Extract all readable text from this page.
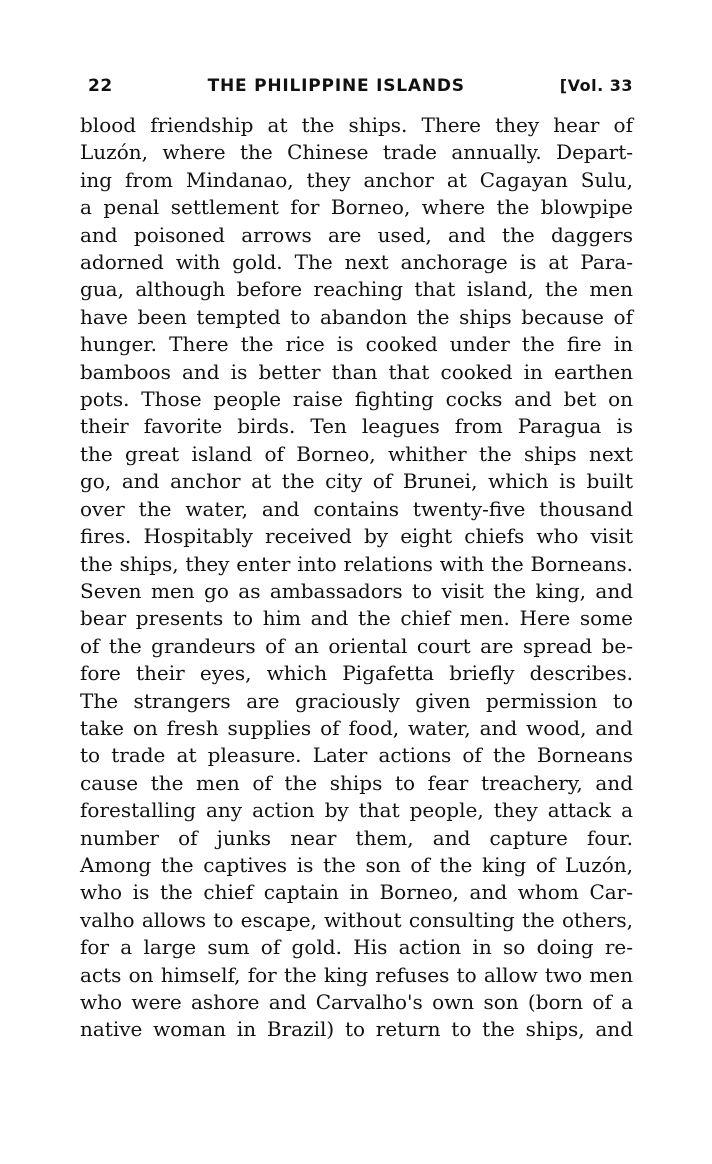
22	THE PHILIPPINE ISLANDS	[Vol. 33
blood friendship at the ships. There they hear of
Luzón, where the Chinese trade annually. Depart-
ing from Mindanao, they anchor at Cagayan Sulu,
a penal settlement for Borneo, where the blowpipe
and poisoned arrows are used, and the daggers
adorned with gold. The next anchorage is at Para-
gua, although before reaching that island, the men
have been tempted to abandon the ships because of
hunger. There the rice is cooked under the fire in
bamboos and is better than that cooked in earthen
pots. Those people raise fighting cocks and bet on
their favorite birds. Ten leagues from Paragua is
the great island of Borneo, whither the ships next
go, and anchor at the city of Brunei, which is built
over the water, and contains twenty-five thousand
fires. Hospitably received by eight chiefs who visit
the ships, they enter into relations with the Borneans.
Seven men go as ambassadors to visit the king, and
bear presents to him and the chief men. Here some
of the grandeurs of an oriental court are spread be-
fore their eyes, which Pigafetta briefly describes.
The strangers are graciously given permission to
take on fresh supplies of food, water, and wood, and
to trade at pleasure. Later actions of the Borneans
cause the men of the ships to fear treachery, and
forestalling any action by that people, they attack a
number of junks near them, and capture four.
Among the captives is the son of the king of Luzón,
who is the chief captain in Borneo, and whom Car-
valho allows to escape, without consulting the others,
for a large sum of gold. His action in so doing re-
acts on himself, for the king refuses to allow two men
who were ashore and Carvalho's own son (born of a
native woman in Brazil) to return to the ships, and
